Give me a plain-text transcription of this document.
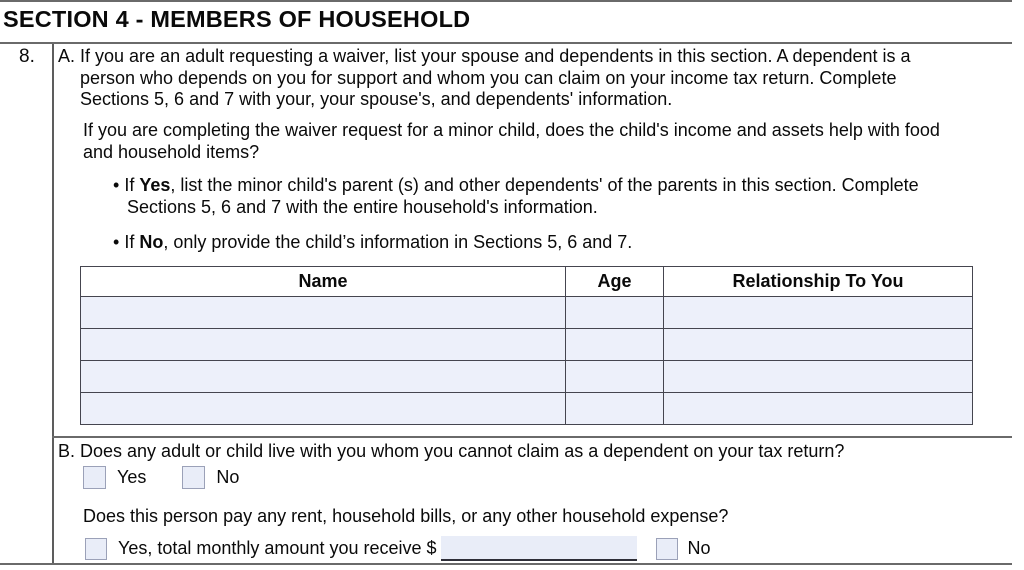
SECTION 4 - MEMBERS OF HOUSEHOLD
8. A. If you are an adult requesting a waiver, list your spouse and dependents in this section. A dependent is a person who depends on you for support and whom you can claim on your income tax return. Complete Sections 5, 6 and 7 with your, your spouse's, and dependents' information.
If you are completing the waiver request for a minor child, does the child's income and assets help with food and household items?
• If Yes, list the minor child's parent (s) and other dependents' of the parents in this section. Complete Sections 5, 6 and 7 with the entire household's information.
• If No, only provide the child’s information in Sections 5, 6 and 7.
Name	Age	Relationship To You

B. Does any adult or child live with you whom you cannot claim as a dependent on your tax return?
Yes	No
Does this person pay any rent, household bills, or any other household expense?
Yes, total monthly amount you receive $	No
